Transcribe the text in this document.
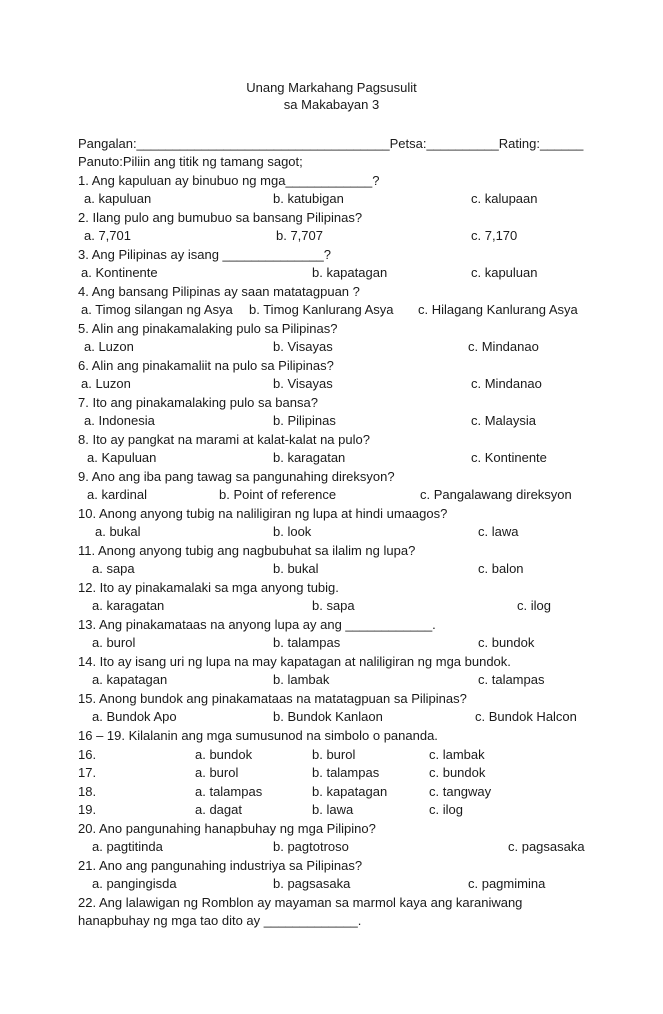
Unang Markahang Pagsusulit
sa Makabayan 3
Pangalan:___________________________________Petsa:__________Rating:______
Panuto:Piliin ang titik ng tamang sagot;
1. Ang kapuluan ay binubuo ng mga____________?
a. kapuluan	b. katubigan	c. kalupaan
2. Ilang pulo ang bumubuo sa bansang Pilipinas?
a. 7,701	b. 7,707	c. 7,170
3. Ang Pilipinas ay isang ______________?
a. Kontinente	b. kapatagan	c. kapuluan
4. Ang bansang Pilipinas ay saan matatagpuan ?
a. Timog silangan ng Asya b. Timog Kanlurang Asya c. Hilagang Kanlurang Asya
5. Alin ang pinakamalaking pulo sa Pilipinas?
a. Luzon	b. Visayas	c. Mindanao
6. Alin ang pinakamaliit na pulo sa Pilipinas?
a. Luzon	b. Visayas	c. Mindanao
7. Ito ang pinakamalaking pulo sa bansa?
a. Indonesia	b. Pilipinas	c. Malaysia
8. Ito ay pangkat na marami at kalat-kalat na pulo?
a. Kapuluan	b. karagatan	c. Kontinente
9. Ano ang iba pang tawag sa pangunahing direksyon?
a. kardinal	b. Point of reference	c. Pangalawang direksyon
10. Anong anyong tubig na naliligiran ng lupa at hindi umaagos?
a. bukal	b. look	c. lawa
11. Anong anyong tubig ang nagbubuhat sa ilalim ng lupa?
a. sapa	b. bukal	c. balon
12. Ito ay pinakamalaki sa mga anyong tubig.
a. karagatan	b. sapa	c. ilog
13. Ang pinakamataas na anyong lupa ay ang ____________.
a. burol	b. talampas	c. bundok
14. Ito ay isang uri ng lupa na may kapatagan at naliligiran ng mga bundok.
a. kapatagan	b. lambak	c. talampas
15. Anong bundok ang pinakamataas na matatagpuan sa Pilipinas?
a. Bundok Apo	b. Bundok Kanlaon	c. Bundok Halcon
16 – 19. Kilalanin ang mga sumusunod na simbolo o pananda.
16.	a. bundok	b. burol	c. lambak
17.	a. burol	b. talampas	c. bundok
18.	a. talampas	b. kapatagan	c. tangway
19.	a. dagat	b. lawa	c. ilog
20. Ano pangunahing hanapbuhay ng mga Pilipino?
a. pagtitinda	b. pagtotroso	c. pagsasaka
21. Ano ang pangunahing industriya sa Pilipinas?
a. pangingisda	b. pagsasaka	c. pagmimina
22. Ang lalawigan ng Romblon ay mayaman sa marmol kaya ang karaniwang
hanapbuhay ng mga tao dito ay _____________.
